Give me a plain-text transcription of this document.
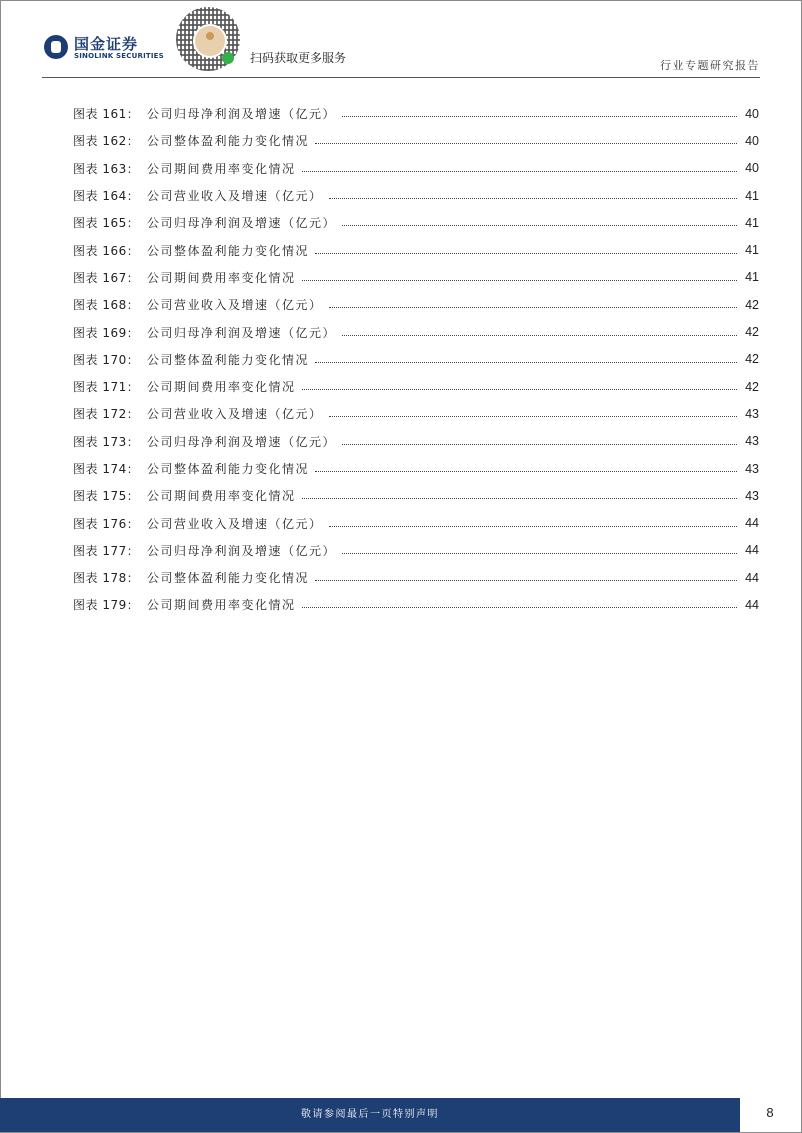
国金证券
SINOLINK SECURITIES	扫码获取更多服务
行业专题研究报告
图表 161： 公司归母净利润及增速（亿元）	40
图表 162： 公司整体盈利能力变化情况	40
图表 163： 公司期间费用率变化情况	40
图表 164： 公司营业收入及增速（亿元）	41
图表 165： 公司归母净利润及增速（亿元）	41
图表 166： 公司整体盈利能力变化情况	41
图表 167： 公司期间费用率变化情况	41
图表 168： 公司营业收入及增速（亿元）	42
图表 169： 公司归母净利润及增速（亿元）	42
图表 170： 公司整体盈利能力变化情况	42
图表 171： 公司期间费用率变化情况	42
图表 172： 公司营业收入及增速（亿元）	43
图表 173： 公司归母净利润及增速（亿元）	43
图表 174： 公司整体盈利能力变化情况	43
图表 175： 公司期间费用率变化情况	43
图表 176： 公司营业收入及增速（亿元）	44
图表 177： 公司归母净利润及增速（亿元）	44
图表 178： 公司整体盈利能力变化情况	44
图表 179： 公司期间费用率变化情况	44
敬请参阅最后一页特别声明	8
